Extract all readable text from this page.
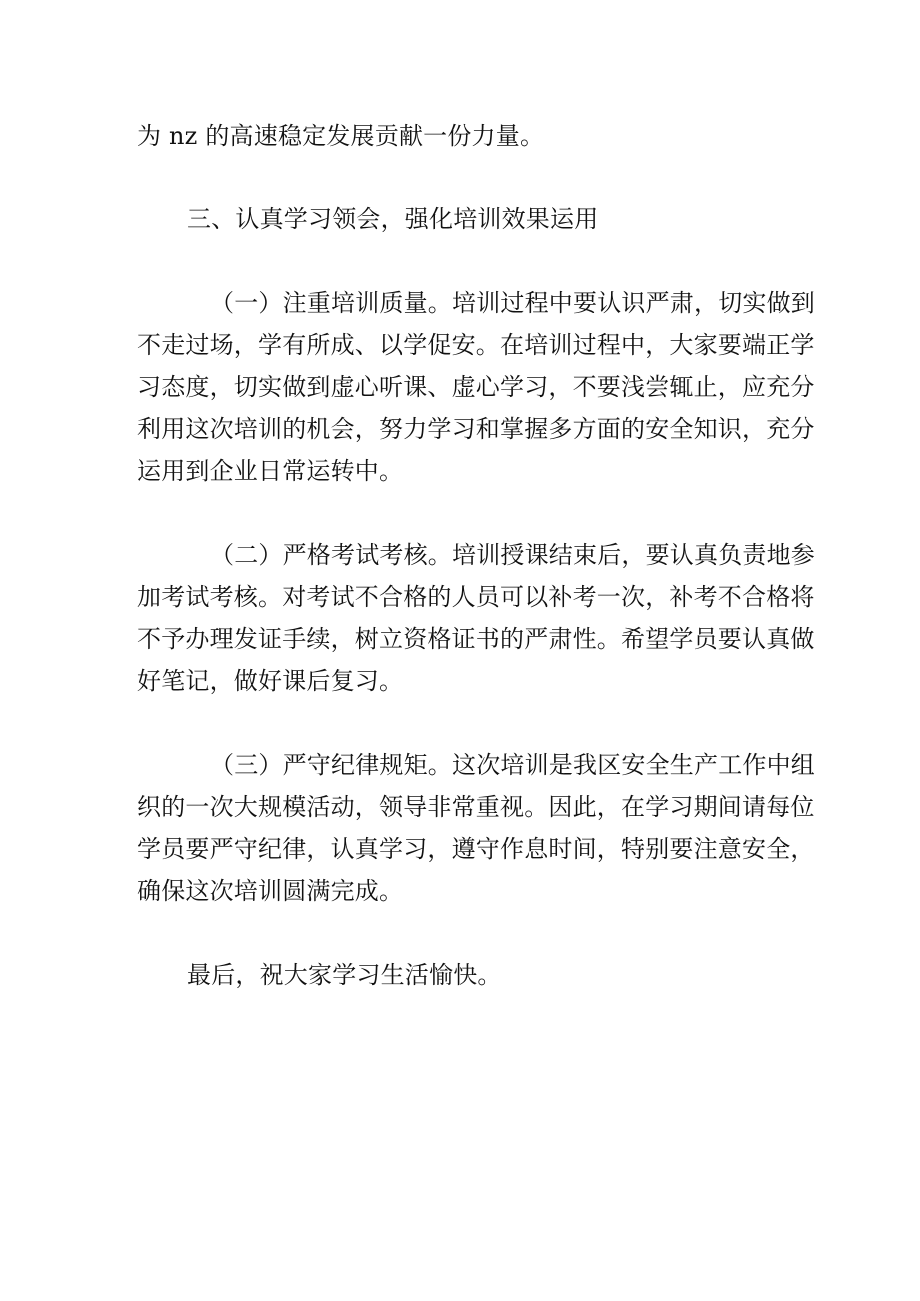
为 nz 的高速稳定发展贡献一份力量。
三、认真学习领会，强化培训效果运用
（一）注重培训质量。培训过程中要认识严肃，切实做到
不走过场，学有所成、以学促安。在培训过程中，大家要端正学
习态度，切实做到虚心听课、虚心学习，不要浅尝辄止，应充分
利用这次培训的机会，努力学习和掌握多方面的安全知识，充分
运用到企业日常运转中。
（二）严格考试考核。培训授课结束后，要认真负责地参
加考试考核。对考试不合格的人员可以补考一次，补考不合格将
不予办理发证手续，树立资格证书的严肃性。希望学员要认真做
好笔记，做好课后复习。
（三）严守纪律规矩。这次培训是我区安全生产工作中组
织的一次大规模活动，领导非常重视。因此，在学习期间请每位
学员要严守纪律，认真学习，遵守作息时间，特别要注意安全，
确保这次培训圆满完成。
最后，祝大家学习生活愉快。
